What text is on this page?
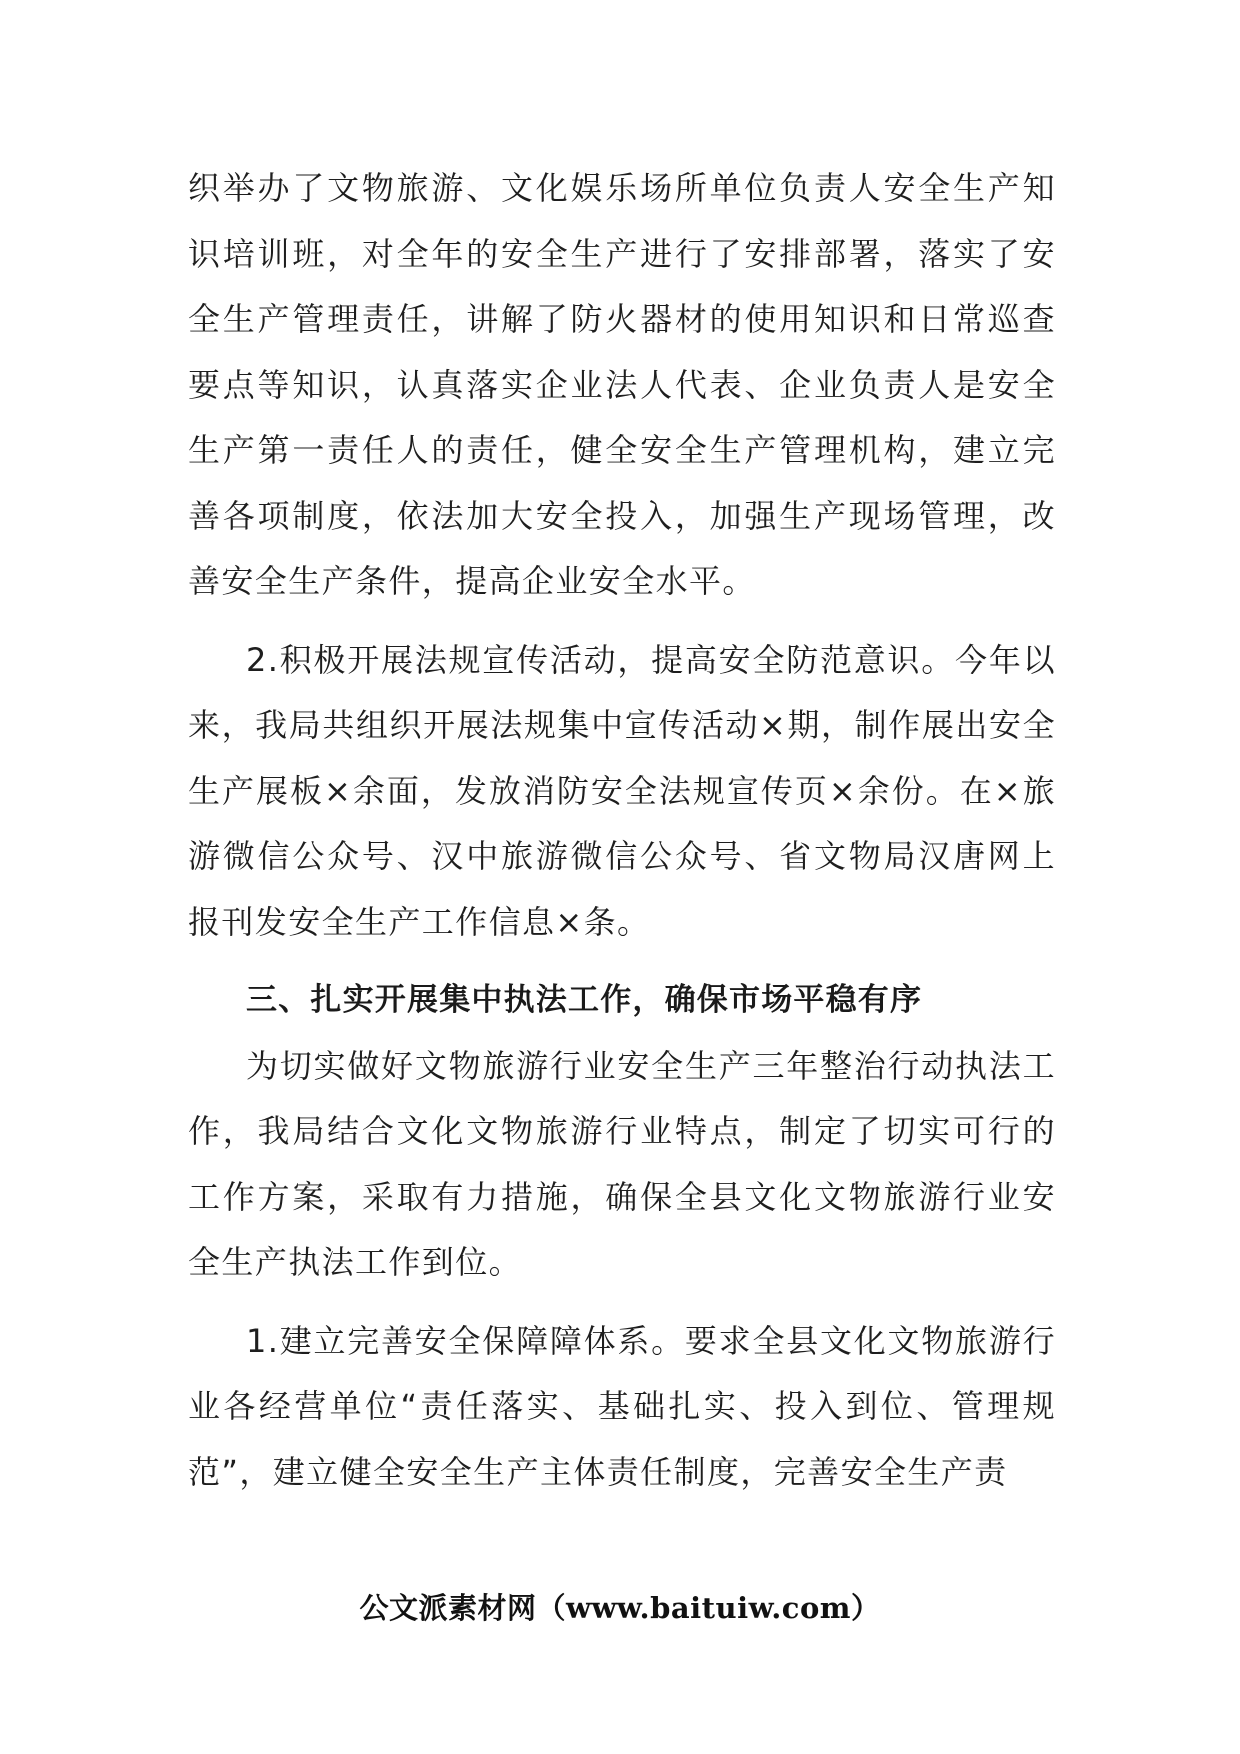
织举办了文物旅游、文化娱乐场所单位负责人安全生产知识培训班，对全年的安全生产进行了安排部署，落实了安全生产管理责任，讲解了防火器材的使用知识和日常巡查要点等知识，认真落实企业法人代表、企业负责人是安全生产第一责任人的责任，健全安全生产管理机构，建立完善各项制度，依法加大安全投入，加强生产现场管理，改善安全生产条件，提高企业安全水平。

2.积极开展法规宣传活动，提高安全防范意识。今年以来，我局共组织开展法规集中宣传活动×期，制作展出安全生产展板×余面，发放消防安全法规宣传页×余份。在×旅游微信公众号、汉中旅游微信公众号、省文物局汉唐网上报刊发安全生产工作信息×条。

三、扎实开展集中执法工作，确保市场平稳有序

为切实做好文物旅游行业安全生产三年整治行动执法工作，我局结合文化文物旅游行业特点，制定了切实可行的工作方案，采取有力措施，确保全县文化文物旅游行业安全生产执法工作到位。

1.建立完善安全保障障体系。要求全县文化文物旅游行业各经营单位“责任落实、基础扎实、投入到位、管理规范”，建立健全安全生产主体责任制度，完善安全生产责

公文派素材网（www.baituiw.com）
